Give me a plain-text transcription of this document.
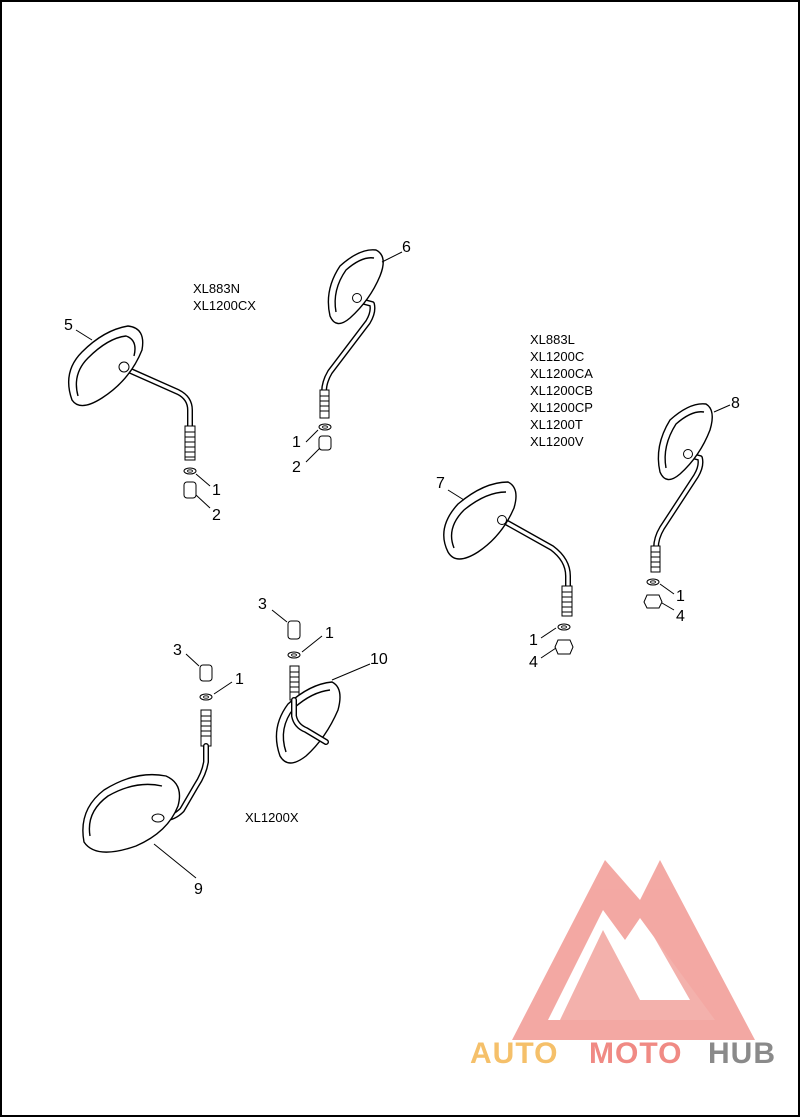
AUTO MOTO HUB
XL883N
XL1200CX
XL883L
XL1200C
XL1200CA
XL1200CB
XL1200CP
XL1200T
XL1200V
XL1200X
5
6
7
8
9
10
1
2
1
2
1
4
1
4
3
1
3
1
